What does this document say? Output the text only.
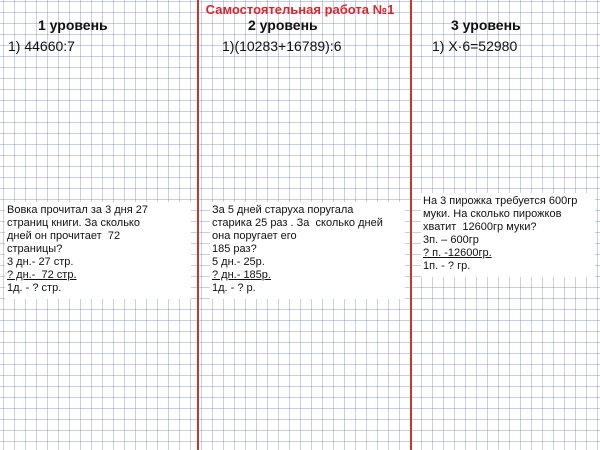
Самостоятельная работа №1
1 уровень
1) 44660:7

Вовка прочитал за 3 дня 27

страниц книги. За сколько

дней он прочитает  72

страницы?

3 дн.- 27 стр.

? дн.-  72 стр.

1д. - ? стр.

2 уровень
1)(10283+16789):6

За 5 дней старуха поругала

старика 25 раз . За  сколько дней

она поругает его

185 раз?

5 дн.- 25р.

? дн.- 185р.

1д. - ? р.

3 уровень
1) X·6=52980

На 3 пирожка требуется 600гр

муки. На сколько пирожков

хватит  12600гр муки?

3п. – 600гр

? п. -12600гр.

1п. - ? гр.
